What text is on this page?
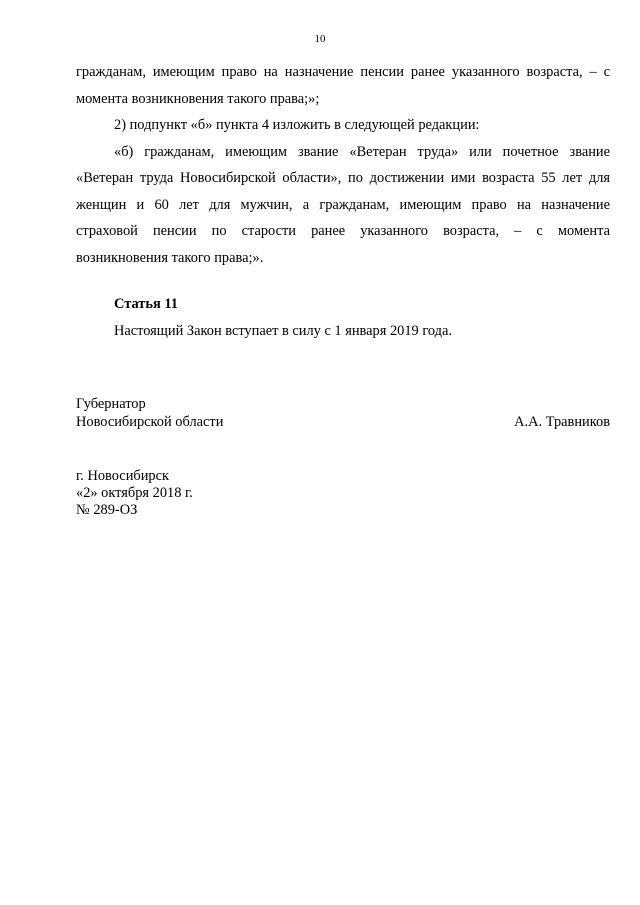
10

гражданам, имеющим право на назначение пенсии ранее указанного возраста, – с
момента возникновения такого права;»;

2) подпункт «б» пункта 4 изложить в следующей редакции:

«б) гражданам, имеющим звание «Ветеран труда» или почетное звание
«Ветеран труда Новосибирской области», по достижении ими возраста 55 лет для
женщин и 60 лет для мужчин, а гражданам, имеющим право на назначение
страховой пенсии по старости ранее указанного возраста, – с момента
возникновения такого права;».

Статья 11
Настоящий Закон вступает в силу с 1 января 2019 года.
Губернатор
Новосибирской области	А.А. Травников
г. Новосибирск
«2» октября 2018 г.
№ 289-ОЗ
